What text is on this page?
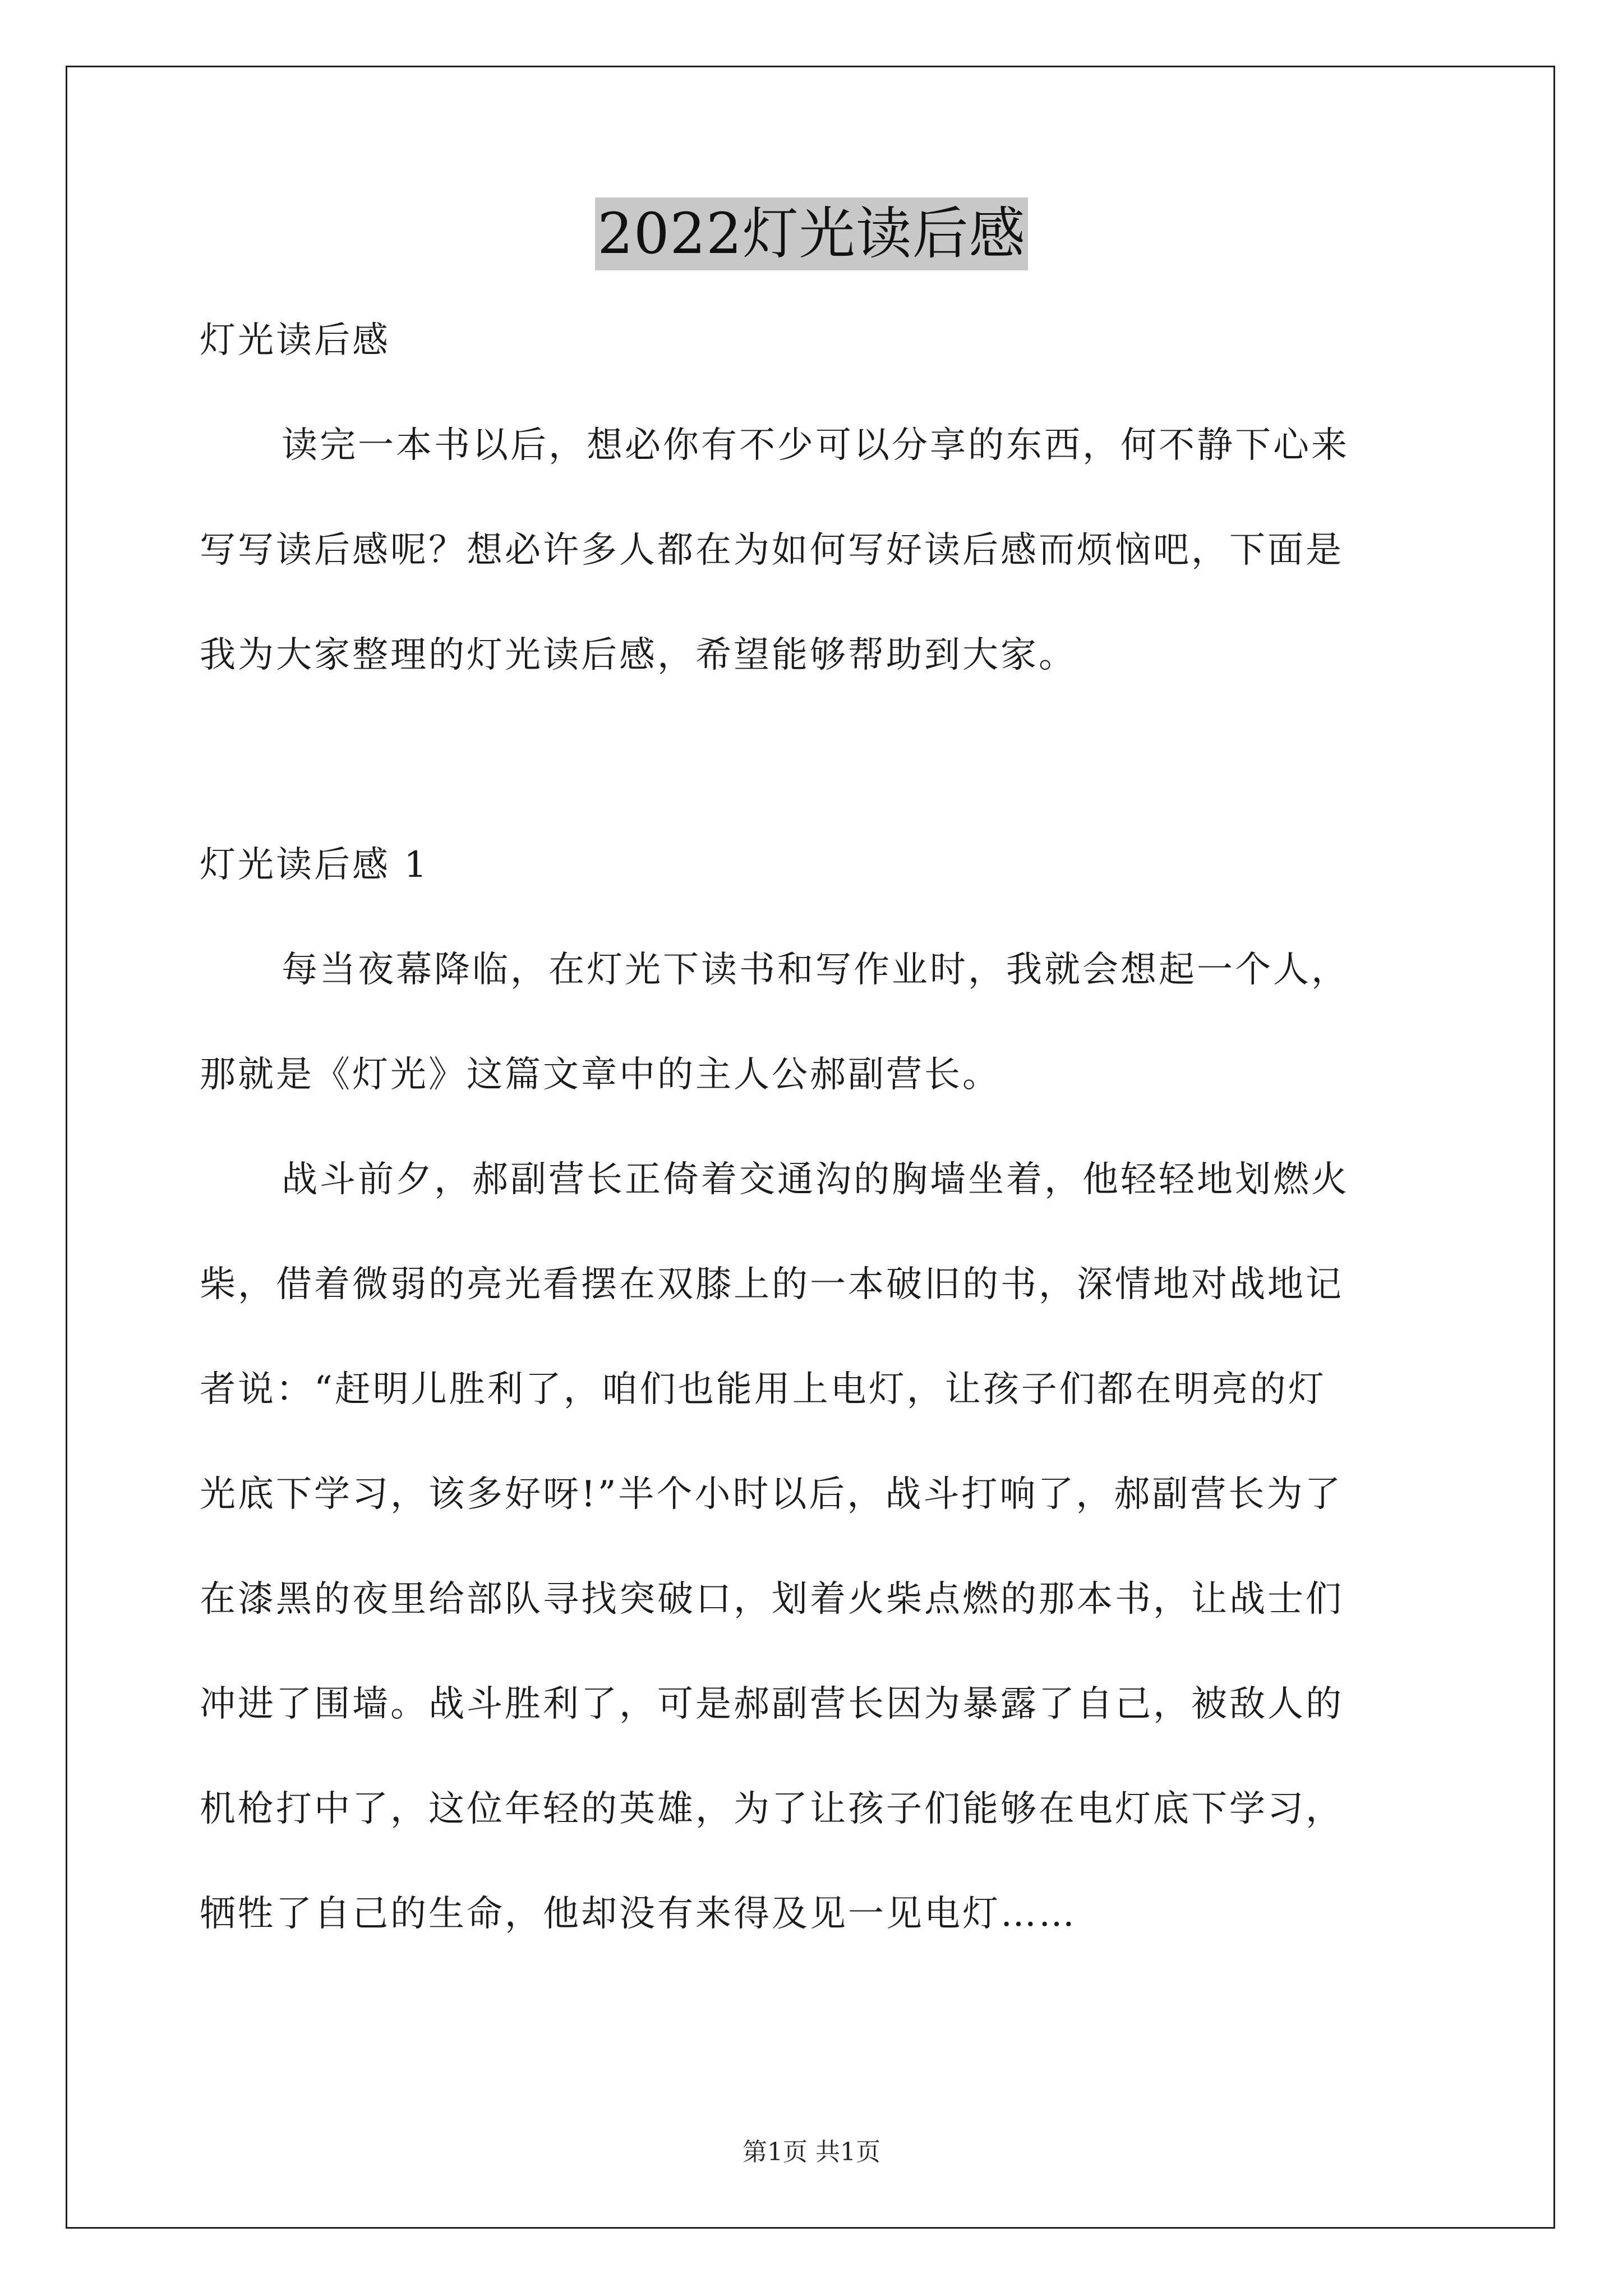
2022灯光读后感
灯光读后感
读完一本书以后，想必你有不少可以分享的东西，何不静下心来
写写读后感呢？想必许多人都在为如何写好读后感而烦恼吧，下面是
我为大家整理的灯光读后感，希望能够帮助到大家。
灯光读后感 1
每当夜幕降临，在灯光下读书和写作业时，我就会想起一个人，
那就是《灯光》这篇文章中的主人公郝副营长。
战斗前夕，郝副营长正倚着交通沟的胸墙坐着，他轻轻地划燃火
柴，借着微弱的亮光看摆在双膝上的一本破旧的书，深情地对战地记
者说：“赶明儿胜利了，咱们也能用上电灯，让孩子们都在明亮的灯
光底下学习，该多好呀!”半个小时以后，战斗打响了，郝副营长为了
在漆黑的夜里给部队寻找突破口，划着火柴点燃的那本书，让战士们
冲进了围墙。战斗胜利了，可是郝副营长因为暴露了自己，被敌人的
机枪打中了，这位年轻的英雄，为了让孩子们能够在电灯底下学习，
牺牲了自己的生命，他却没有来得及见一见电灯……
第1页 共1页
